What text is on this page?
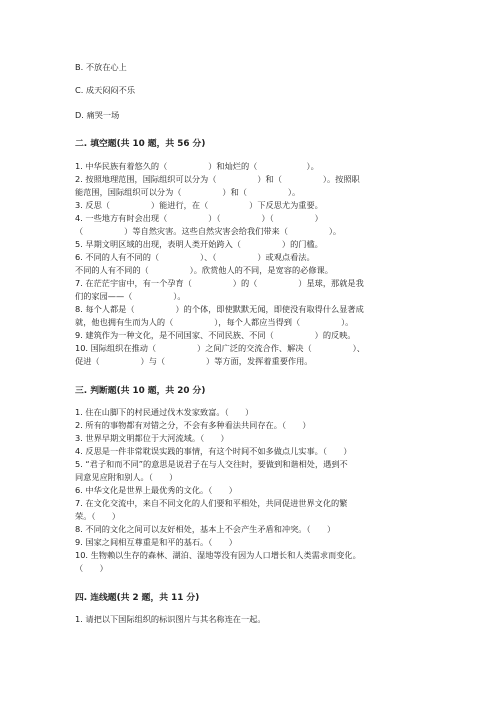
B. 不放在心上
C. 成天闷闷不乐
D. 痛哭一场
二. 填空题(共 10 题，共 56 分)
1. 中华民族有着悠久的（　　　　　）和灿烂的（　　　　　　）。
2. 按照地理范围，国际组织可以分为（　　　　　）和（　　　　　）。按照职
能范围，国际组织可以分为（　　　　　）和（　　　　　）。
3. 反思（　　　　　）能进行，在（　　　　　）下反思尤为重要。
4. 一些地方有时会出现（　　　　　）（　　　　　）（　　　　　）
（　　　　　）等自然灾害。这些自然灾害会给我们带来（　　　　　）。
5. 早期文明区域的出现，表明人类开始跨入（　　　　　）的门槛。
6. 不同的人有不同的（　　　　　）、（　　　　　）或观点看法。
不同的人有不同的（　　　　　）。欣赏他人的不同，是宽容的必修课。
7. 在茫茫宇宙中，有一个孕育（　　　　　）的（　　　　　）星球，那就是我
们的家园——（　　　　　）。
8. 每个人都是（　　　　　）的个体，即使默默无闻，即使没有取得什么显著成
就，他也拥有生而为人的（　　　　　），每个人都应当得到（　　　　　）。
9. 建筑作为一种文化，是不同国家、不同民族、不同（　　　　　）的反映。
10. 国际组织在推动（　　　　　）之间广泛的交流合作、解决（　　　　　）、
促进（　　　　　）与（　　　　　）等方面，发挥着重要作用。
三. 判断题(共 10 题，共 20 分)
1. 住在山脚下的村民通过伐木发家致富。（　　）
2. 所有的事物都有对错之分，不会有多种看法共同存在。（　　）
3. 世界早期文明都位于大河流域。（　　）
4. 反思是一件非常耽误实践的事情，有这个时间不如多做点儿实事。（　　）
5. “君子和而不同”的意思是说君子在与人交往时，要做到和谐相处，遇到不
同意见应附和别人。（　　）
6. 中华文化是世界上最优秀的文化。（　　）
7. 在文化交流中，来自不同文化的人们要和平相处，共同促进世界文化的繁
荣。（　　）
8. 不同的文化之间可以友好相处，基本上不会产生矛盾和冲突。（　　）
9. 国家之间相互尊重是和平的基石。（　　）
10. 生物赖以生存的森林、湖泊、湿地等没有因为人口增长和人类需求而变化。
（　　）
四. 连线题(共 2 题，共 11 分)
1. 请把以下国际组织的标识图片与其名称连在一起。
